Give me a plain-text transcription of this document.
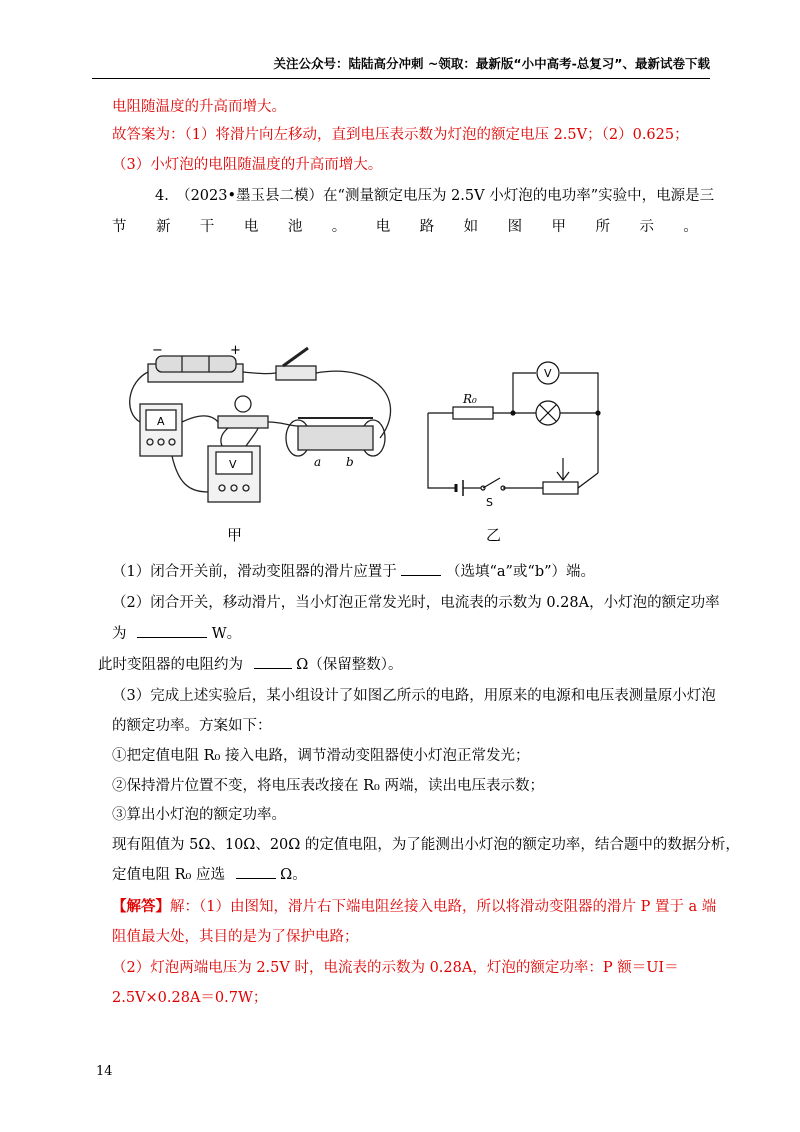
关注公众号：陆陆高分冲刺 ~领取：最新版“小中高考-总复习”、最新试卷下载
电阻随温度的升高而增大。
故答案为：（1）将滑片向左移动，直到电压表示数为灯泡的额定电压 2.5V；（2）0.625；
（3）小灯泡的电阻随温度的升高而增大。
4.　（2023•墨玉县二模）在“测量额定电压为 2.5V 小灯泡的电功率”实验中，电源是三
节 新 干 电 池 。 电 路 如 图 甲 所 示 。
−	+
A
V	a b
甲
R₀
V
S
乙
（1）闭合开关前，滑动变阻器的滑片应置于	（选填“a”或“b”）端。
（2）闭合开关，移动滑片，当小灯泡正常发光时，电流表的示数为 0.28A，小灯泡的额定功率
为	W。
此时变阻器的电阻约为	Ω（保留整数）。
（3）完成上述实验后，某小组设计了如图乙所示的电路，用原来的电源和电压表测量原小灯泡
的额定功率。方案如下：
①把定值电阻 R₀ 接入电路，调节滑动变阻器使小灯泡正常发光；
②保持滑片位置不变，将电压表改接在 R₀ 两端，读出电压表示数；
③算出小灯泡的额定功率。
现有阻值为 5Ω、10Ω、20Ω 的定值电阻，为了能测出小灯泡的额定功率，结合题中的数据分析，
定值电阻 R₀ 应选	Ω。
【解答】解：（1）由图知，滑片右下端电阻丝接入电路，所以将滑动变阻器的滑片 P 置于 a 端
阻值最大处，其目的是为了保护电路；
（2）灯泡两端电压为 2.5V 时，电流表的示数为 0.28A，灯泡的额定功率：P 额＝UI＝
2.5V×0.28A＝0.7W；
14
